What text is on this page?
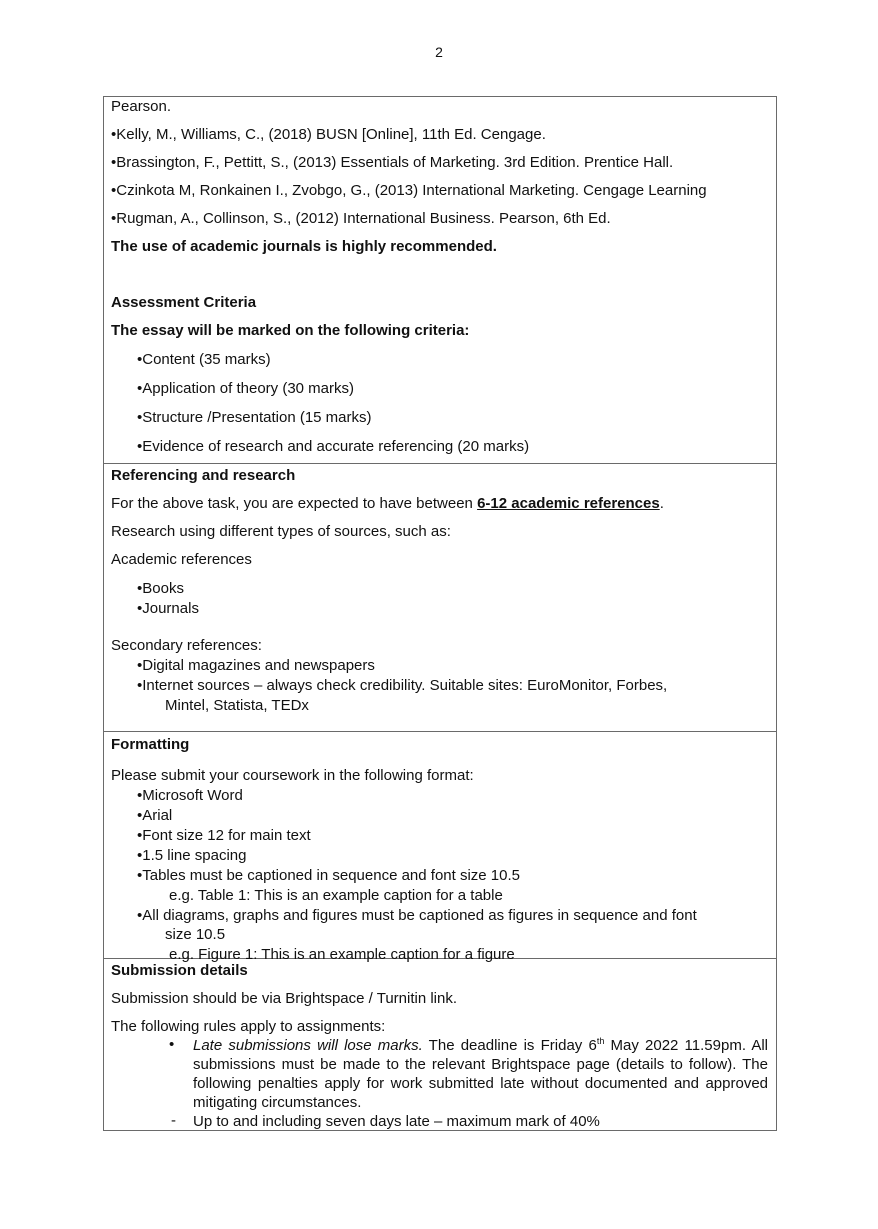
2

Pearson.

•Kelly, M., Williams, C., (2018) BUSN [Online], 11th Ed. Cengage.

•Brassington, F., Pettitt, S., (2013) Essentials of Marketing. 3rd Edition. Prentice Hall.

•Czinkota M, Ronkainen I., Zvobgo, G., (2013) International Marketing. Cengage Learning

•Rugman, A., Collinson, S., (2012) International Business. Pearson, 6th Ed.

The use of academic journals is highly recommended.

Assessment Criteria

The essay will be marked on the following criteria:

•Content (35 marks)

•Application of theory (30 marks)

•Structure /Presentation (15 marks)

•Evidence of research and accurate referencing (20 marks)

Referencing and research

For the above task, you are expected to have between 6-12 academic references.

Research using different types of sources, such as:

Academic references

•Books

•Journals

Secondary references:

•Digital magazines and newspapers

•Internet sources – always check credibility. Suitable sites: EuroMonitor, Forbes,

Mintel, Statista, TEDx

Formatting

Please submit your coursework in the following format:

•Microsoft Word

•Arial

•Font size 12 for main text

•1.5 line spacing

•Tables must be captioned in sequence and font size 10.5

e.g. Table 1: This is an example caption for a table

•All diagrams, graphs and figures must be captioned as figures in sequence and font

size 10.5

e.g. Figure 1: This is an example caption for a figure

Submission details

Submission should be via Brightspace / Turnitin link.

The following rules apply to assignments:

• Late submissions will lose marks. The deadline is Friday 6th May 2022 11.59pm. All submissions must be made to the relevant Brightspace page (details to follow). The following penalties apply for work submitted late without documented and approved mitigating circumstances.

- Up to and including seven days late – maximum mark of 40%
